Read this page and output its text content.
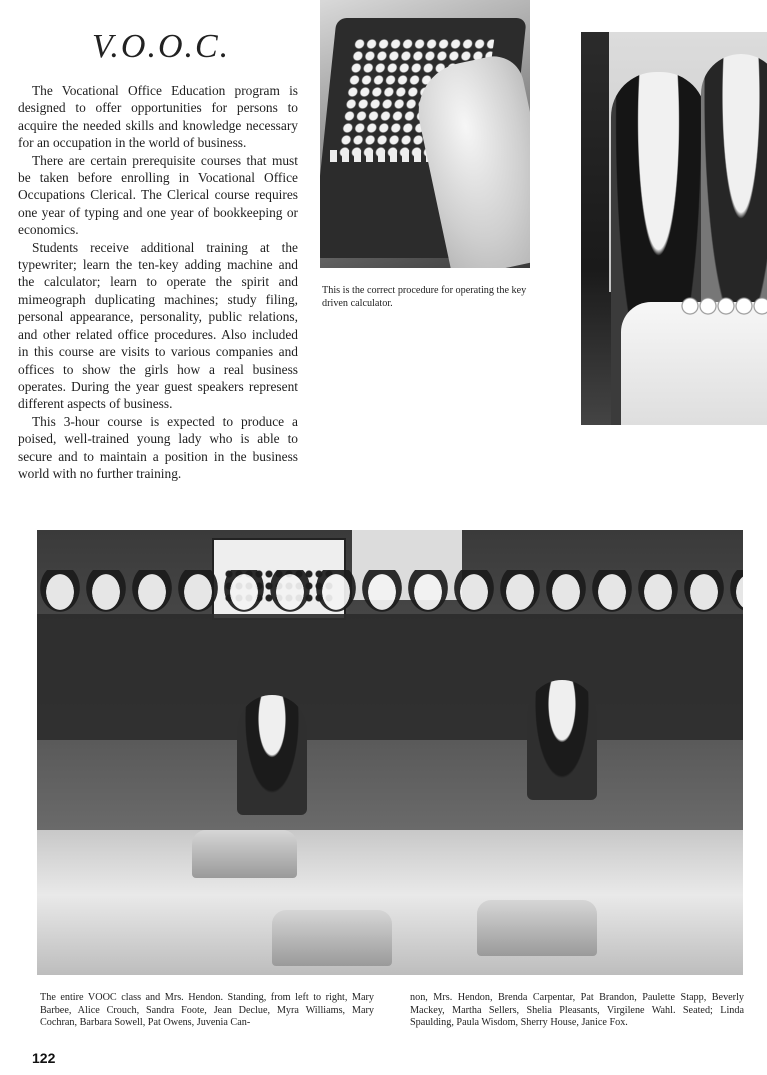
V.O.O.C.

The Vocational Office Education program is designed to offer opportunities for persons to acquire the needed skills and knowledge necessary for an occupation in the world of business.

There are certain prerequisite courses that must be taken before enrolling in Vocational Office Occupations Clerical. The Clerical course requires one year of typing and one year of bookkeeping or economics.

Students receive additional training at the typewriter; learn the ten-key adding machine and the calculator; learn to operate the spirit and mimeograph duplicating machines; study filing, personal appearance, personality, public relations, and other related office procedures. Also included in this course are visits to various companies and offices to show the girls how a real business operates. During the year guest speakers represent different aspects of business.

This 3-hour course is expected to produce a poised, well-trained young lady who is able to secure and to maintain a position in the business world with no further training.

This is the correct procedure for operating the key driven calculator.
The entire VOOC class and Mrs. Hendon. Standing, from left to right, Mary Barbee, Alice Crouch, Sandra Foote, Jean Declue, Myra Williams, Mary Cochran, Barbara Sowell, Pat Owens, Juvenia Can-
non, Mrs. Hendon, Brenda Carpentar, Pat Brandon, Paulette Stapp, Beverly Mackey, Martha Sellers, Shelia Pleasants, Virgilene Wahl. Seated; Linda Spaulding, Paula Wisdom, Sherry House, Janice Fox.
122
